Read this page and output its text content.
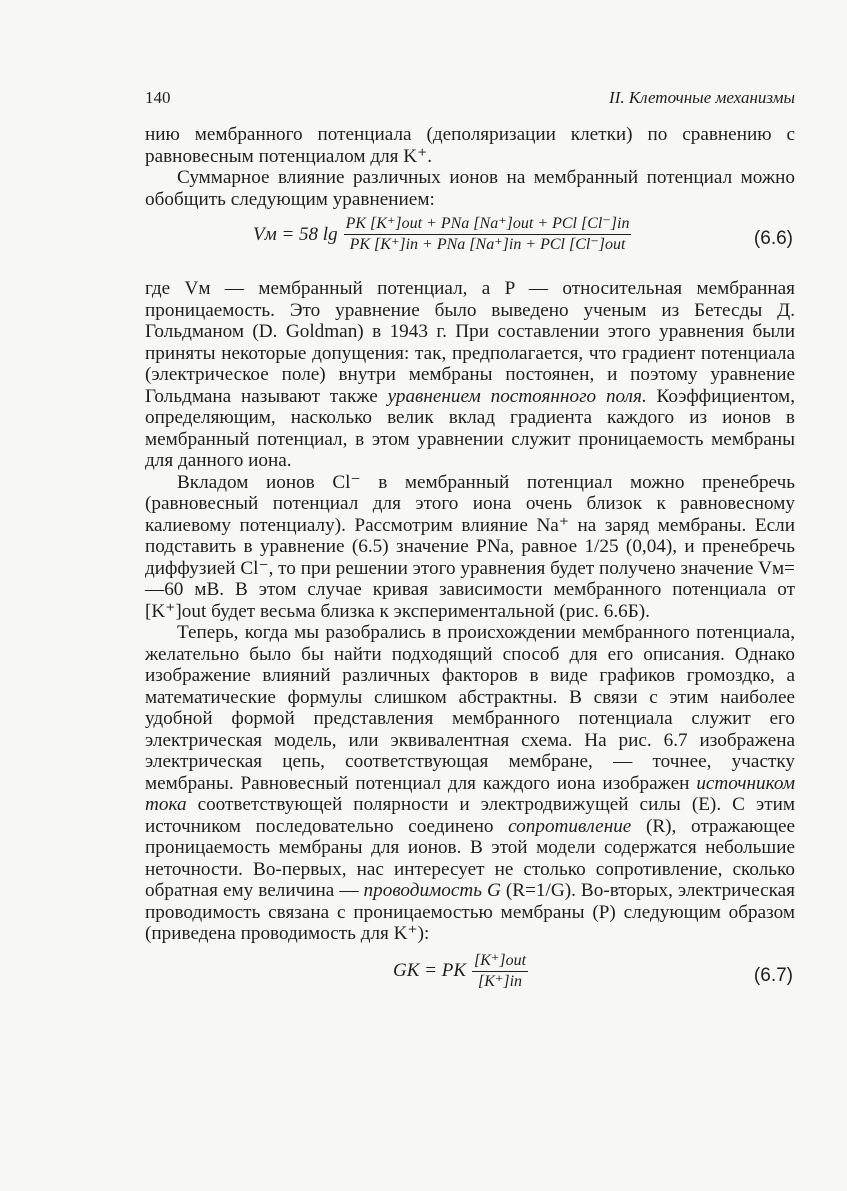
140	II. Клеточные механизмы

нию мембранного потенциала (деполяризации клетки) по сравнению с равновесным потенциалом для K⁺.

Суммарное влияние различных ионов на мембранный потенциал можно обобщить следующим уравнением:

Vм = 58 $\lg \frac{\text{PK [K⁺]out + PNa [Na⁺]out + PCl [Cl⁻]in}}{\text{PK [K⁺]in + PNa [Na⁺]in + PCl [Cl⁻]out}}$	(6.6)

где Vм — мембранный потенциал, а P — относительная мембранная проницаемость. Это уравнение было выведено ученым из Бетесды Д. Гольдманом (D. Goldman) в 1943 г. При составлении этого уравнения были приняты некоторые допущения: так, предполагается, что градиент потенциала (электрическое поле) внутри мембраны постоянен, и поэтому уравнение Гольдмана называют также уравнением постоянного поля. Коэффициентом, определяющим, насколько велик вклад градиента каждого из ионов в мембранный потенциал, в этом уравнении служит проницаемость мембраны для данного иона.

Вкладом ионов Cl⁻ в мембранный потенциал можно пренебречь (равновесный потенциал для этого иона очень близок к равновесному калиевому потенциалу). Рассмотрим влияние Na⁺ на заряд мембраны. Если подставить в уравнение (6.5) значение PNa, равное 1/25 (0,04), и пренебречь диффузией Cl⁻, то при решении этого уравнения будет получено значение Vм=—60 мВ. В этом случае кривая зависимости мембранного потенциала от [K⁺]out будет весьма близка к экспериментальной (рис. 6.6Б).

Теперь, когда мы разобрались в происхождении мембранного потенциала, желательно было бы найти подходящий способ для его описания. Однако изображение влияний различных факторов в виде графиков громоздко, а математические формулы слишком абстрактны. В связи с этим наиболее удобной формой представления мембранного потенциала служит его электрическая модель, или эквивалентная схема. На рис. 6.7 изображена электрическая цепь, соответствующая мембране, — точнее, участку мембраны. Равновесный потенциал для каждого иона изображен источником тока соответствующей полярности и электродвижущей силы (E). С этим источником последовательно соединено сопротивление (R), отражающее проницаемость мембраны для ионов. В этой модели содержатся небольшие неточности. Во-первых, нас интересует не столько сопротивление, сколько обратная ему величина — проводимость G (R=1/G). Во-вторых, электрическая проводимость связана с проницаемостью мембраны (P) следующим образом (приведена проводимость для K⁺):

GK = PK $\frac{\text{[K⁺]out}}{[K^+]in}$	(6.7)
